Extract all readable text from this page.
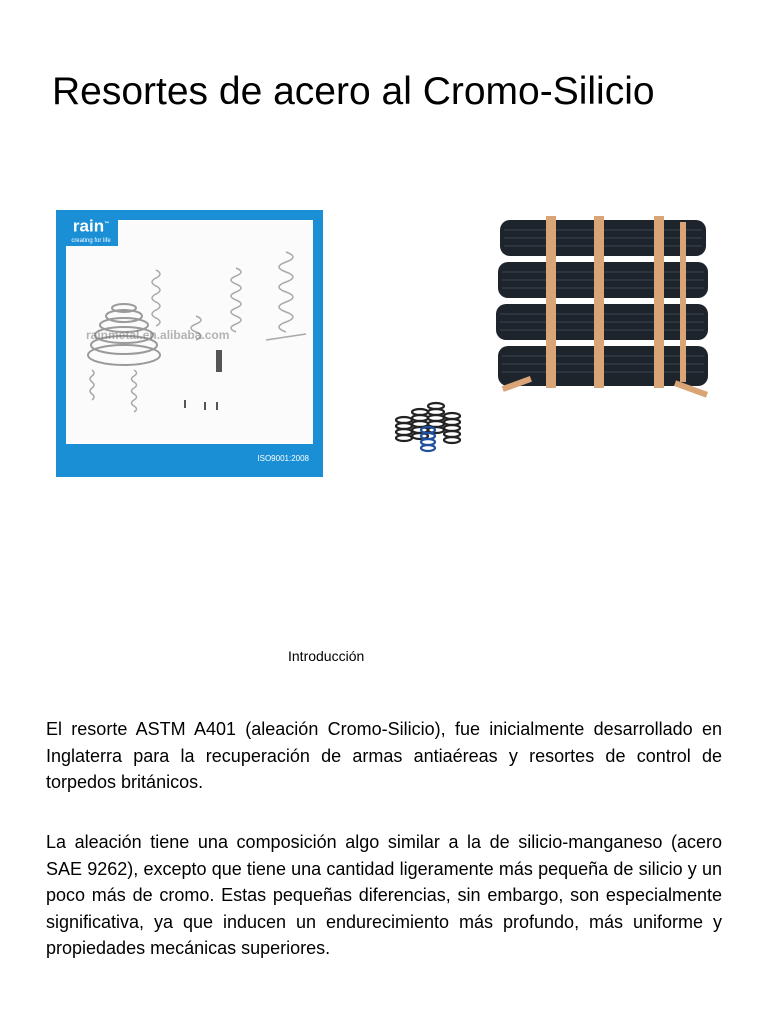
Resortes de acero al Cromo-Silicio
rain™
creating for life
rainmetal.en.alibaba.com
ISO9001:2008

Introducción

El resorte ASTM A401 (aleación Cromo-Silicio), fue inicialmente desarrollado en Inglaterra para la recuperación de armas antiaéreas y resortes de control de torpedos británicos.

La aleación tiene una composición algo similar a la de silicio-manganeso (acero SAE 9262), excepto que tiene una cantidad ligeramente más pequeña de silicio y un poco más de cromo. Estas pequeñas diferencias, sin embargo, son especialmente significativa, ya que inducen un endurecimiento más profundo, más uniforme y propiedades mecánicas superiores.
